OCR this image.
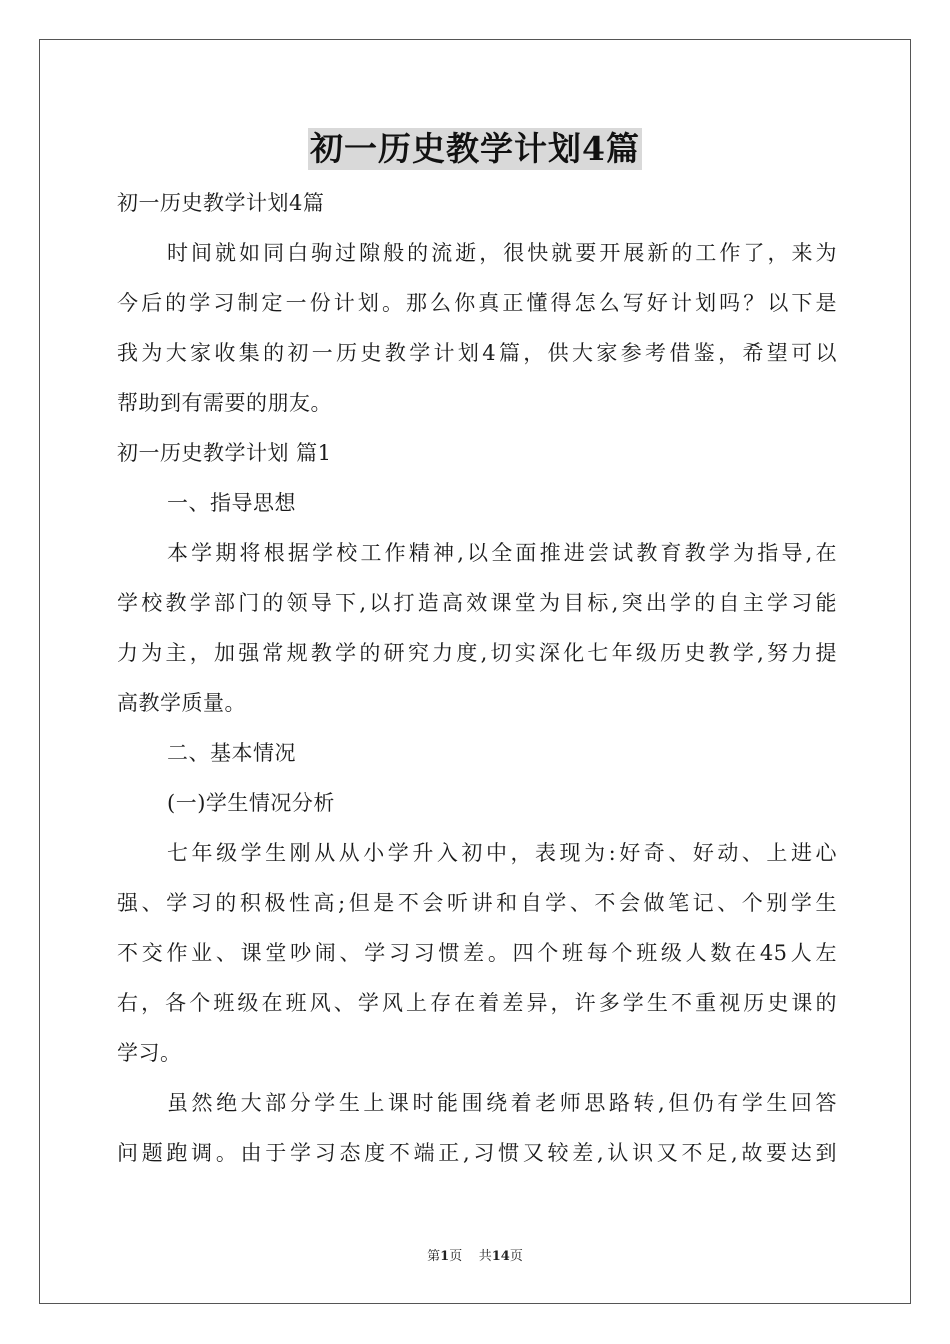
初一历史教学计划4篇
初一历史教学计划4篇
时间就如同白驹过隙般的流逝，很快就要开展新的工作了，来为
今后的学习制定一份计划。那么你真正懂得怎么写好计划吗？以下是
我为大家收集的初一历史教学计划4篇，供大家参考借鉴，希望可以
帮助到有需要的朋友。
初一历史教学计划 篇1
一、指导思想
本学期将根据学校工作精神,以全面推进尝试教育教学为指导,在
学校教学部门的领导下,以打造高效课堂为目标,突出学的自主学习能
力为主，加强常规教学的研究力度,切实深化七年级历史教学,努力提
高教学质量。
二、基本情况
(一)学生情况分析
七年级学生刚从从小学升入初中，表现为:好奇、好动、上进心
强、学习的积极性高;但是不会听讲和自学、不会做笔记、个别学生
不交作业、课堂吵闹、学习习惯差。四个班每个班级人数在45人左
右，各个班级在班风、学风上存在着差异，许多学生不重视历史课的
学习。
虽然绝大部分学生上课时能围绕着老师思路转,但仍有学生回答
问题跑调。由于学习态度不端正,习惯又较差,认识又不足,故要达到
第1页 共14页
